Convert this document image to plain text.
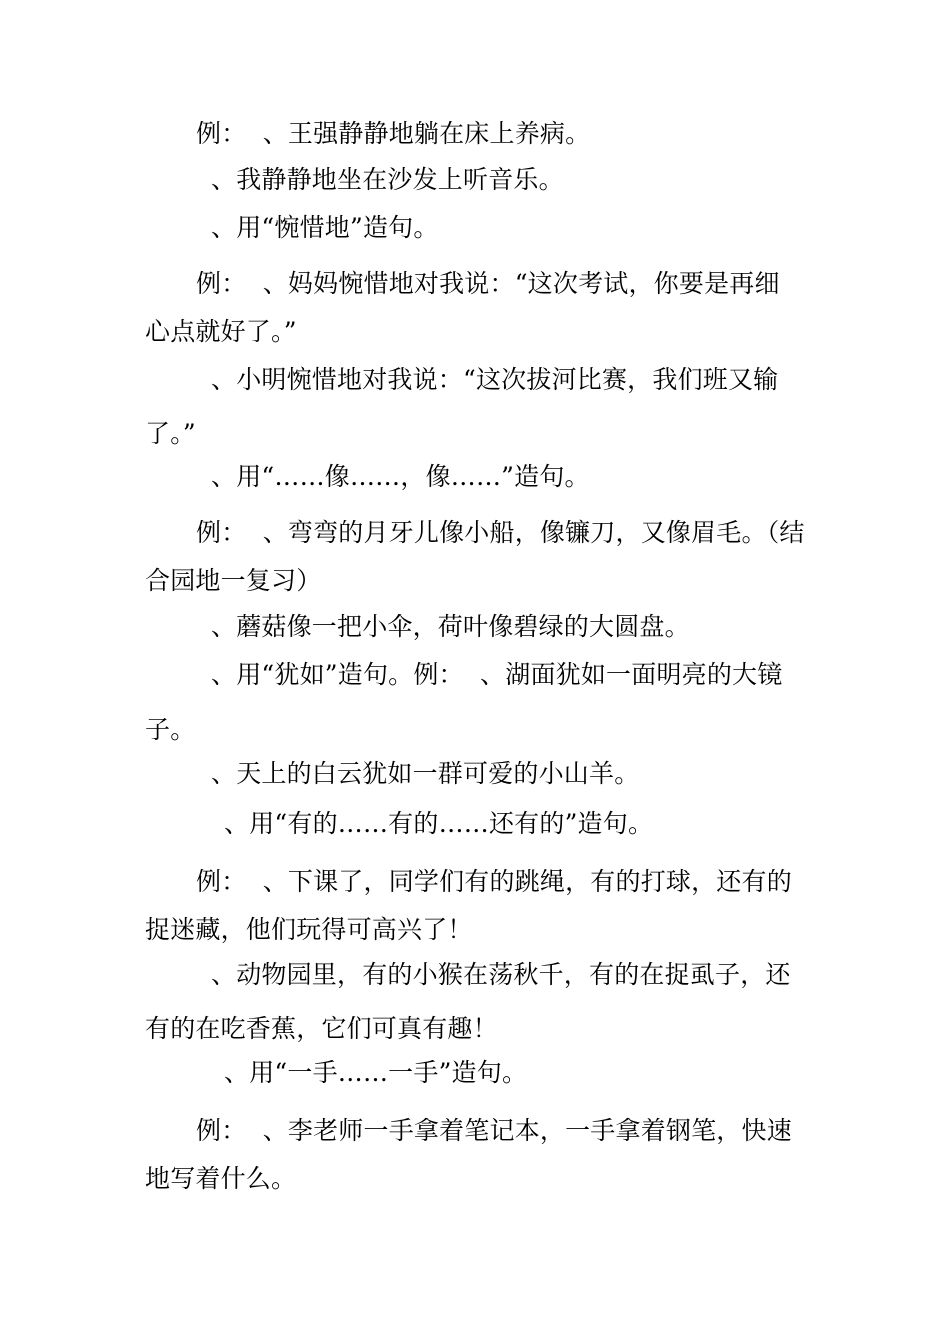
例：  、王强静静地躺在床上养病。
、我静静地坐在沙发上听音乐。
、用“惋惜地”造句。
例：  、妈妈惋惜地对我说：“这次考试，你要是再细
心点就好了。”
、小明惋惜地对我说：“这次拔河比赛，我们班又输
了。”
、用“……像……，像……”造句。
例：  、弯弯的月牙儿像小船，像镰刀，又像眉毛。（结
合园地一复习）
、蘑菇像一把小伞，荷叶像碧绿的大圆盘。
、用“犹如”造句。例：  、湖面犹如一面明亮的大镜
子。
、天上的白云犹如一群可爱的小山羊。
、用“有的……有的……还有的”造句。
例：  、下课了，同学们有的跳绳，有的打球，还有的
捉迷藏，他们玩得可高兴了！
、动物园里，有的小猴在荡秋千，有的在捉虱子，还
有的在吃香蕉，它们可真有趣！
、用“一手……一手”造句。
例：  、李老师一手拿着笔记本，一手拿着钢笔，快速
地写着什么。
